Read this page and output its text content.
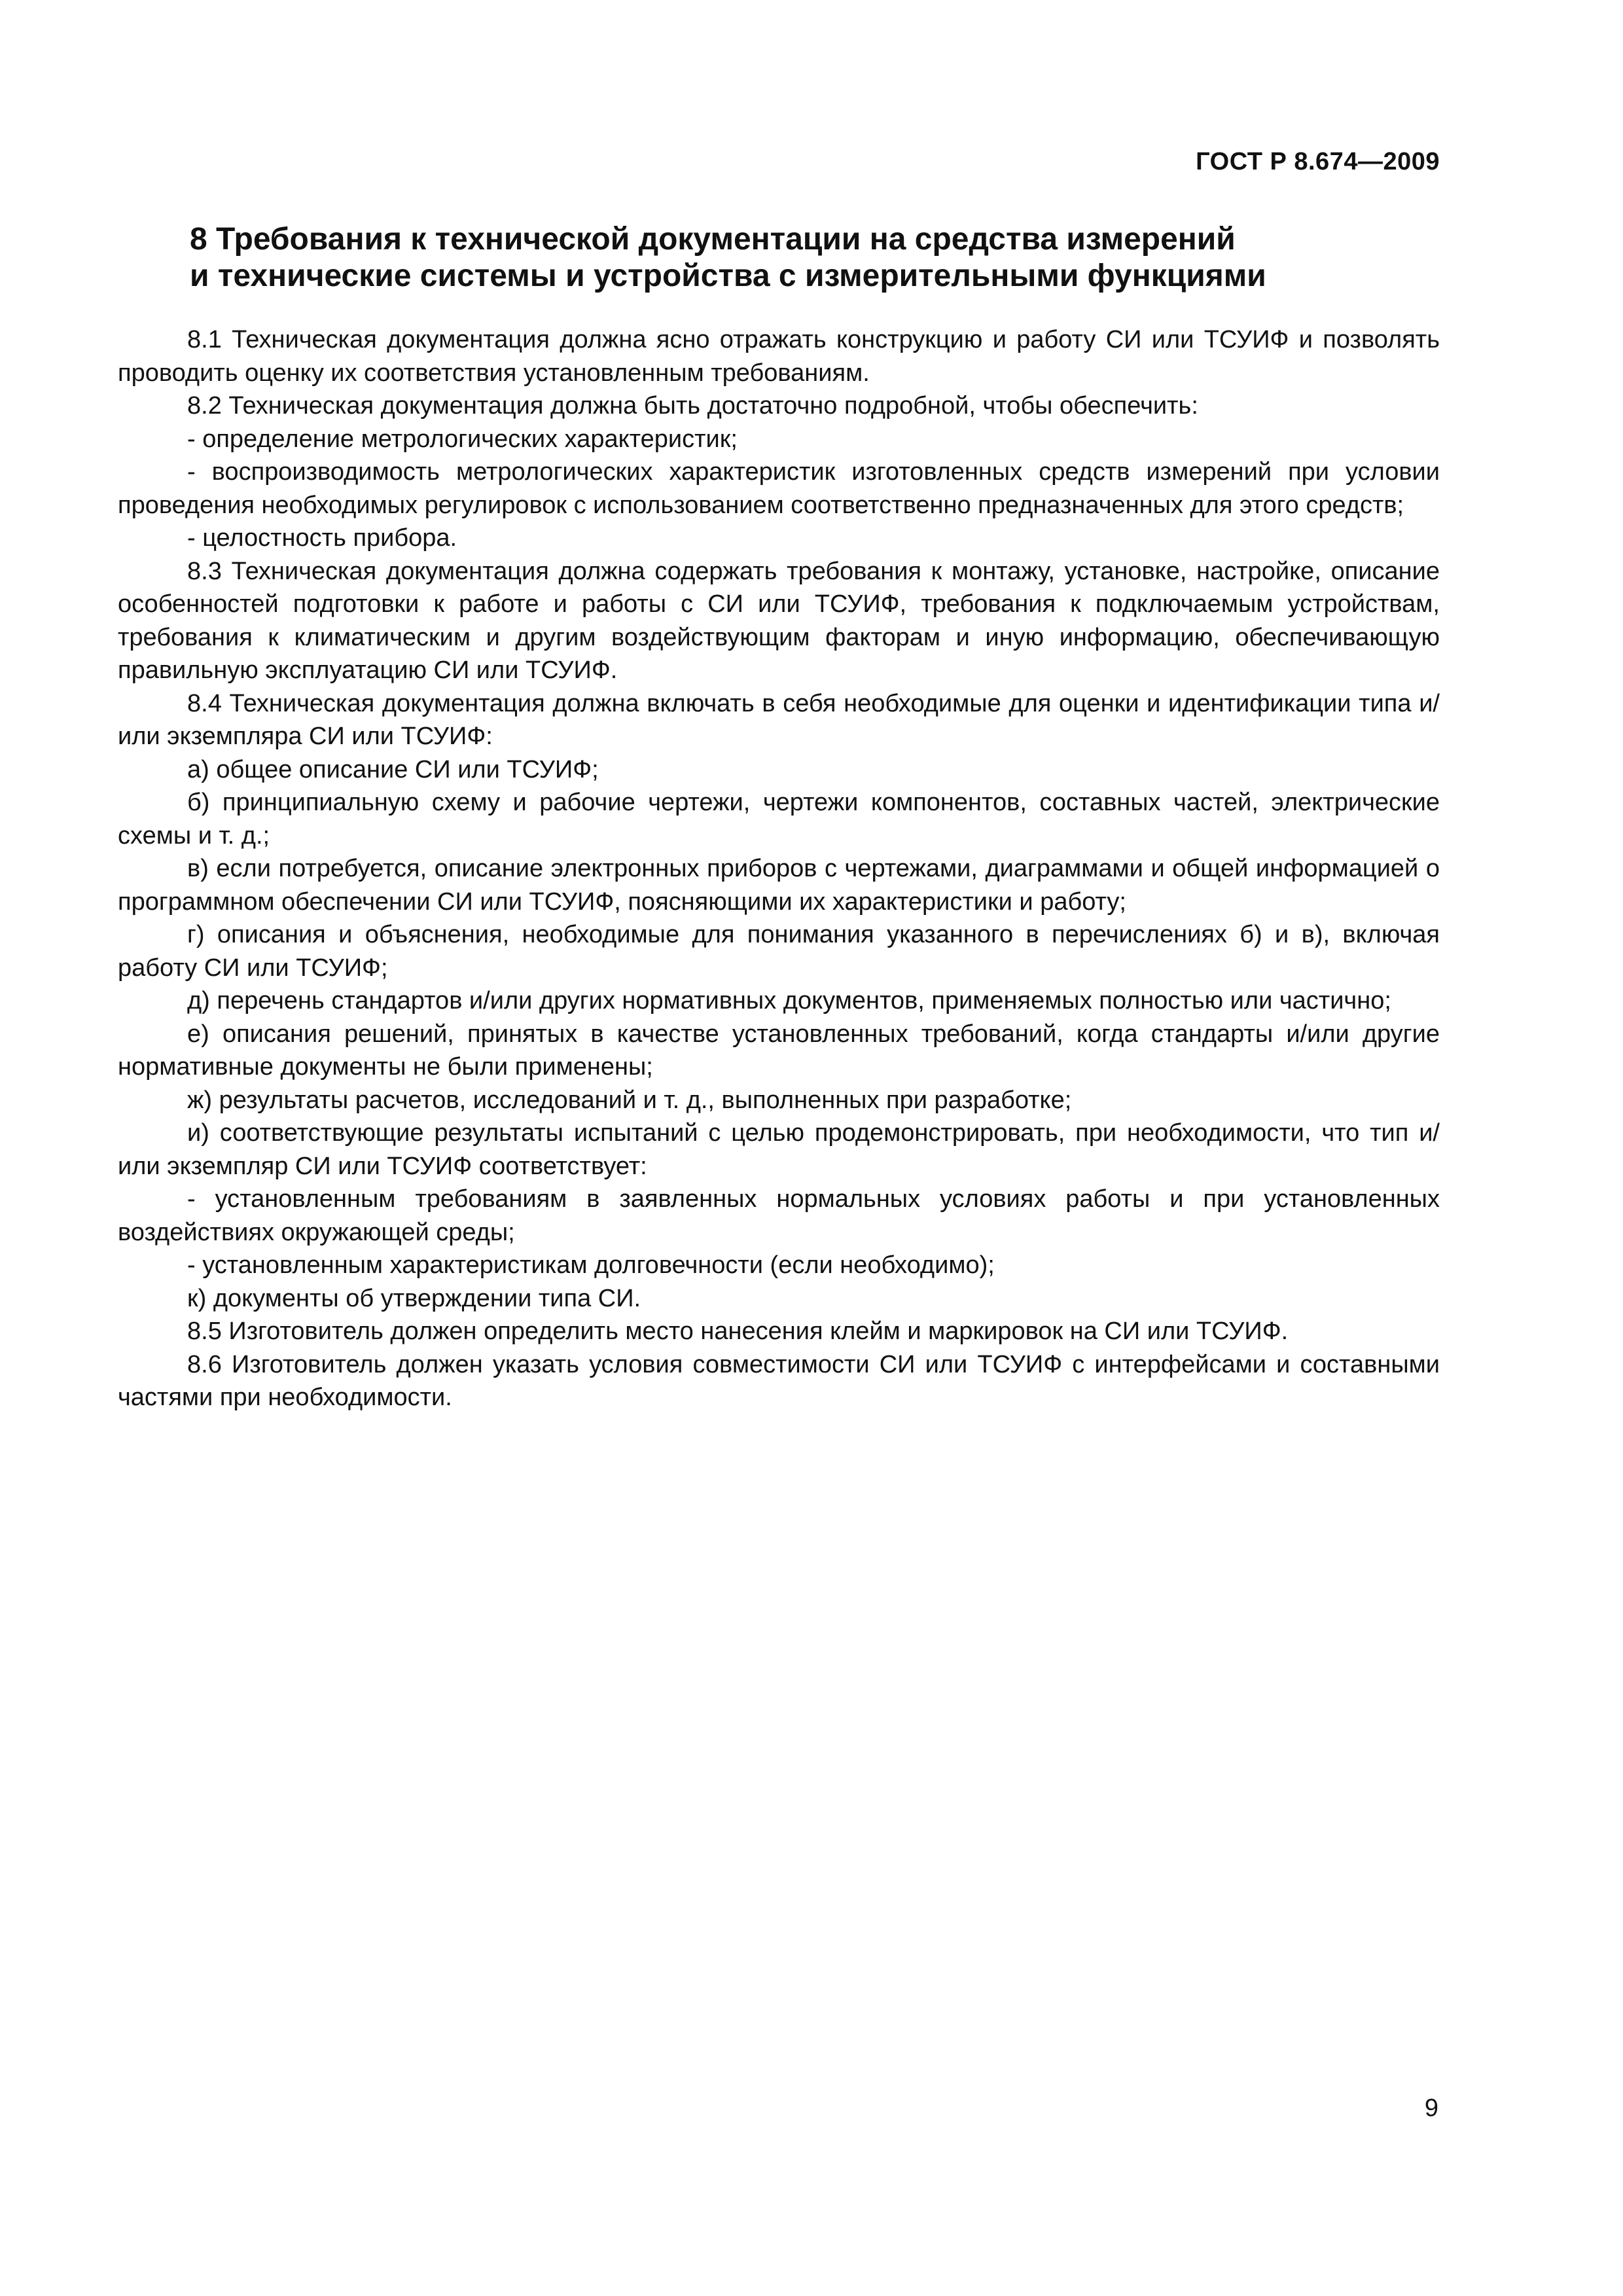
ГОСТ Р 8.674—2009
8 Требования к технической документации на средства измерений
и технические системы и устройства с измерительными функциями

8.1 Техническая документация должна ясно отражать конструкцию и работу СИ или ТСУИФ и позволять проводить оценку их соответствия установленным требованиям.

8.2 Техническая документация должна быть достаточно подробной, чтобы обеспечить:

- определение метрологических характеристик;

- воспроизводимость метрологических характеристик изготовленных средств измерений при условии проведения необходимых регулировок с использованием соответственно предназначенных для этого средств;

- целостность прибора.

8.3 Техническая документация должна содержать требования к монтажу, установке, настройке, описание особенностей подготовки к работе и работы с СИ или ТСУИФ, требования к подключаемым устройствам, требования к климатическим и другим воздействующим факторам и иную информацию, обеспечивающую правильную эксплуатацию СИ или ТСУИФ.

8.4 Техническая документация должна включать в себя необходимые для оценки и идентификации типа и/или экземпляра СИ или ТСУИФ:

а) общее описание СИ или ТСУИФ;

б) принципиальную схему и рабочие чертежи, чертежи компонентов, составных частей, электрические схемы и т. д.;

в) если потребуется, описание электронных приборов с чертежами, диаграммами и общей информацией о программном обеспечении СИ или ТСУИФ, поясняющими их характеристики и работу;

г) описания и объяснения, необходимые для понимания указанного в перечислениях б) и в), включая работу СИ или ТСУИФ;

д) перечень стандартов и/или других нормативных документов, применяемых полностью или частично;

е) описания решений, принятых в качестве установленных требований, когда стандарты и/или другие нормативные документы не были применены;

ж) результаты расчетов, исследований и т. д., выполненных при разработке;

и) соответствующие результаты испытаний с целью продемонстрировать, при необходимости, что тип и/или экземпляр СИ или ТСУИФ соответствует:

- установленным требованиям в заявленных нормальных условиях работы и при установленных воздействиях окружающей среды;

- установленным характеристикам долговечности (если необходимо);

к) документы об утверждении типа СИ.

8.5 Изготовитель должен определить место нанесения клейм и маркировок на СИ или ТСУИФ.

8.6 Изготовитель должен указать условия совместимости СИ или ТСУИФ с интерфейсами и составными частями при необходимости.

9
